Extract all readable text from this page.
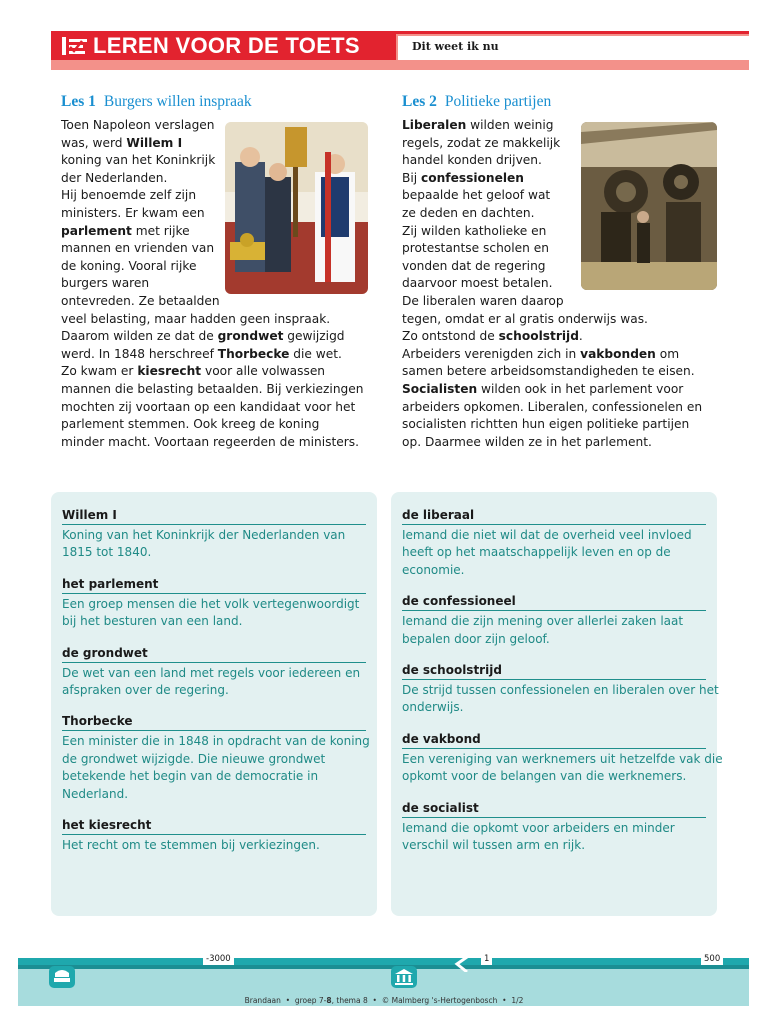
LEREN VOOR DE TOETS	Dit weet ik nu
Les 1 Burgers willen inspraak
Toen Napoleon verslagen
was, werd Willem I
koning van het Koninkrijk
der Nederlanden.
Hij benoemde zelf zijn
ministers. Er kwam een
parlement met rijke
mannen en vrienden van
de koning. Vooral rijke
burgers waren
ontevreden. Ze betaalden
veel belasting, maar hadden geen inspraak.
Daarom wilden ze dat de grondwet gewijzigd
werd. In 1848 herschreef Thorbecke die wet.
Zo kwam er kiesrecht voor alle volwassen
mannen die belasting betaalden. Bij verkiezingen
mochten zij voortaan op een kandidaat voor het
parlement stemmen. Ook kreeg de koning
minder macht. Voortaan regeerden de ministers.
Les 2 Politieke partijen
Liberalen wilden weinig
regels, zodat ze makkelijk
handel konden drijven.
Bij confessionelen
bepaalde het geloof wat
ze deden en dachten.
Zij wilden katholieke en
protestantse scholen en
vonden dat de regering
daarvoor moest betalen.
De liberalen waren daarop
tegen, omdat er al gratis onderwijs was.
Zo ontstond de schoolstrijd.
Arbeiders verenigden zich in vakbonden om
samen betere arbeidsomstandigheden te eisen.
Socialisten wilden ook in het parlement voor
arbeiders opkomen. Liberalen, confessionelen en
socialisten richtten hun eigen politieke partijen
op. Daarmee wilden ze in het parlement.
Willem I
Koning van het Koninkrijk der Nederlanden van
1815 tot 1840.
het parlement
Een groep mensen die het volk vertegenwoordigt
bij het besturen van een land.
de grondwet
De wet van een land met regels voor iedereen en
afspraken over de regering.
Thorbecke
Een minister die in 1848 in opdracht van de koning
de grondwet wijzigde. Die nieuwe grondwet
betekende het begin van de democratie in
Nederland.
het kiesrecht
Het recht om te stemmen bij verkiezingen.
de liberaal
Iemand die niet wil dat de overheid veel invloed
heeft op het maatschappelijk leven en op de
economie.
de confessioneel
Iemand die zijn mening over allerlei zaken laat
bepalen door zijn geloof.
de schoolstrijd
De strijd tussen confessionelen en liberalen over het
onderwijs.
de vakbond
Een vereniging van werknemers uit hetzelfde vak die
opkomt voor de belangen van die werknemers.
de socialist
Iemand die opkomt voor arbeiders en minder
verschil wil tussen arm en rijk.
-3000	1	500
Brandaan  •  groep 7-8, thema 8  •  © Malmberg 's-Hertogenbosch  •  1/2
